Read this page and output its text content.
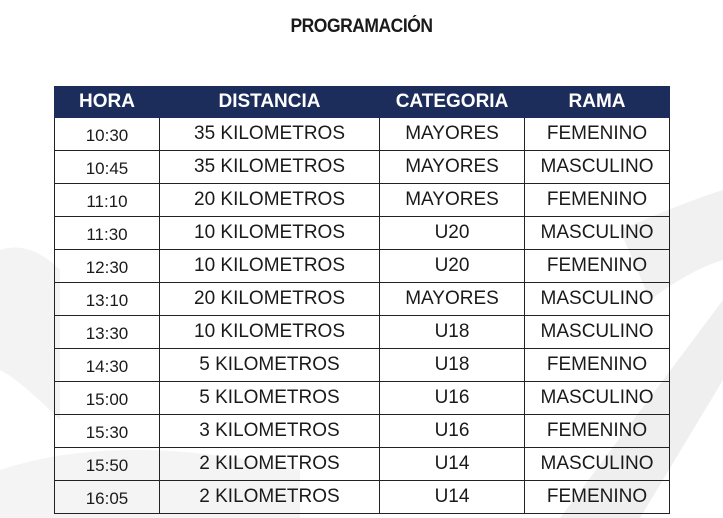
PROGRAMACIÓN
HORA	DISTANCIA	CATEGORIA	RAMA
10:30	35 KILOMETROS	MAYORES	FEMENINO
10:45	35 KILOMETROS	MAYORES	MASCULINO
11:10	20 KILOMETROS	MAYORES	FEMENINO
11:30	10 KILOMETROS	U20	MASCULINO
12:30	10 KILOMETROS	U20	FEMENINO
13:10	20 KILOMETROS	MAYORES	MASCULINO
13:30	10 KILOMETROS	U18	MASCULINO
14:30	5 KILOMETROS	U18	FEMENINO
15:00	5 KILOMETROS	U16	MASCULINO
15:30	3 KILOMETROS	U16	FEMENINO
15:50	2 KILOMETROS	U14	MASCULINO
16:05	2 KILOMETROS	U14	FEMENINO
